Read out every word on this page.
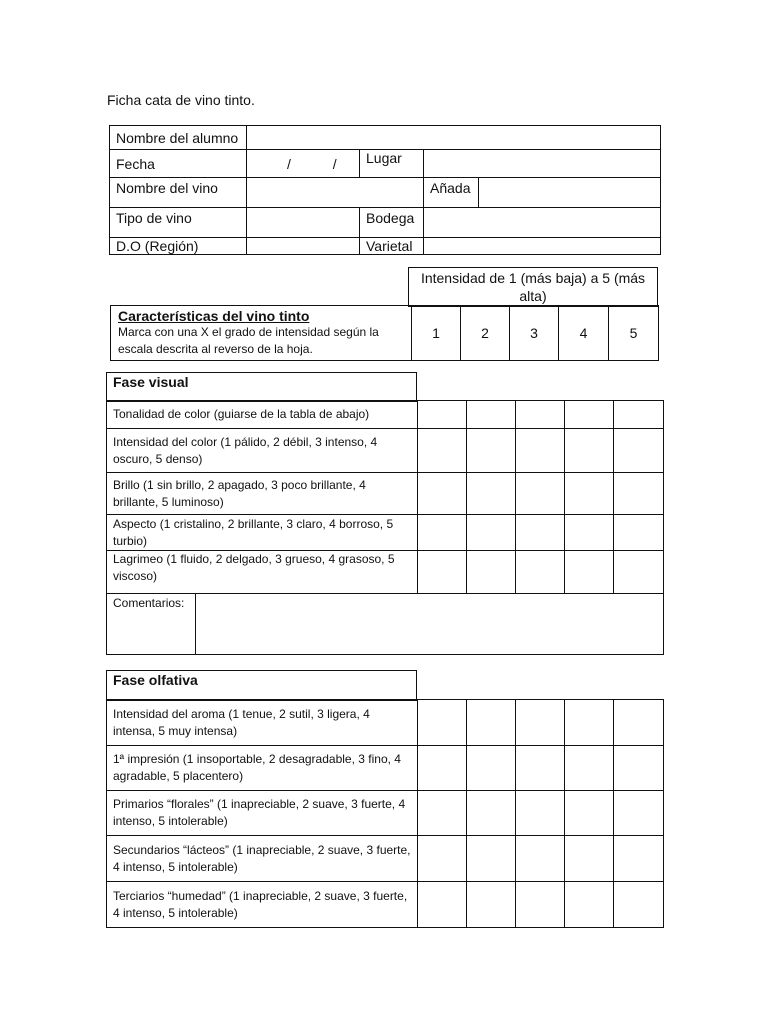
Ficha cata de vino tinto.
Nombre del alumno				
Fecha	/ /	Lugar		
Nombre del vino			Añada	
Tipo de vino		Bodega		
D.O (Región)		Varietal		
Intensidad de 1 (más baja) a 5 (más alta)
Características del vino tinto
Marca con una X el grado de intensidad según la escala descrita al reverso de la hoja.
	1	2	3	4	5
Fase visual
Tonalidad de color (guiarse de la tabla de abajo)					
Intensidad del color (1 pálido, 2 débil, 3 intenso, 4 oscuro, 5 denso)					
Brillo (1 sin brillo, 2 apagado, 3 poco brillante, 4 brillante, 5 luminoso)					
Aspecto (1 cristalino, 2 brillante, 3 claro, 4 borroso, 5 turbio)					
Lagrimeo (1 fluido, 2 delgado, 3 grueso, 4 grasoso, 5 viscoso)					
Comentarios:	
Fase olfativa
Intensidad del aroma (1 tenue, 2 sutil, 3 ligera, 4 intensa, 5 muy intensa)					
1ª impresión (1 insoportable, 2 desagradable, 3 fino, 4 agradable, 5 placentero)					
Primarios “florales” (1 inapreciable, 2 suave, 3 fuerte, 4 intenso, 5 intolerable)					
Secundarios “lácteos” (1 inapreciable, 2 suave, 3 fuerte, 4 intenso, 5 intolerable)					
Terciarios “humedad” (1 inapreciable, 2 suave, 3 fuerte, 4 intenso, 5 intolerable)					
